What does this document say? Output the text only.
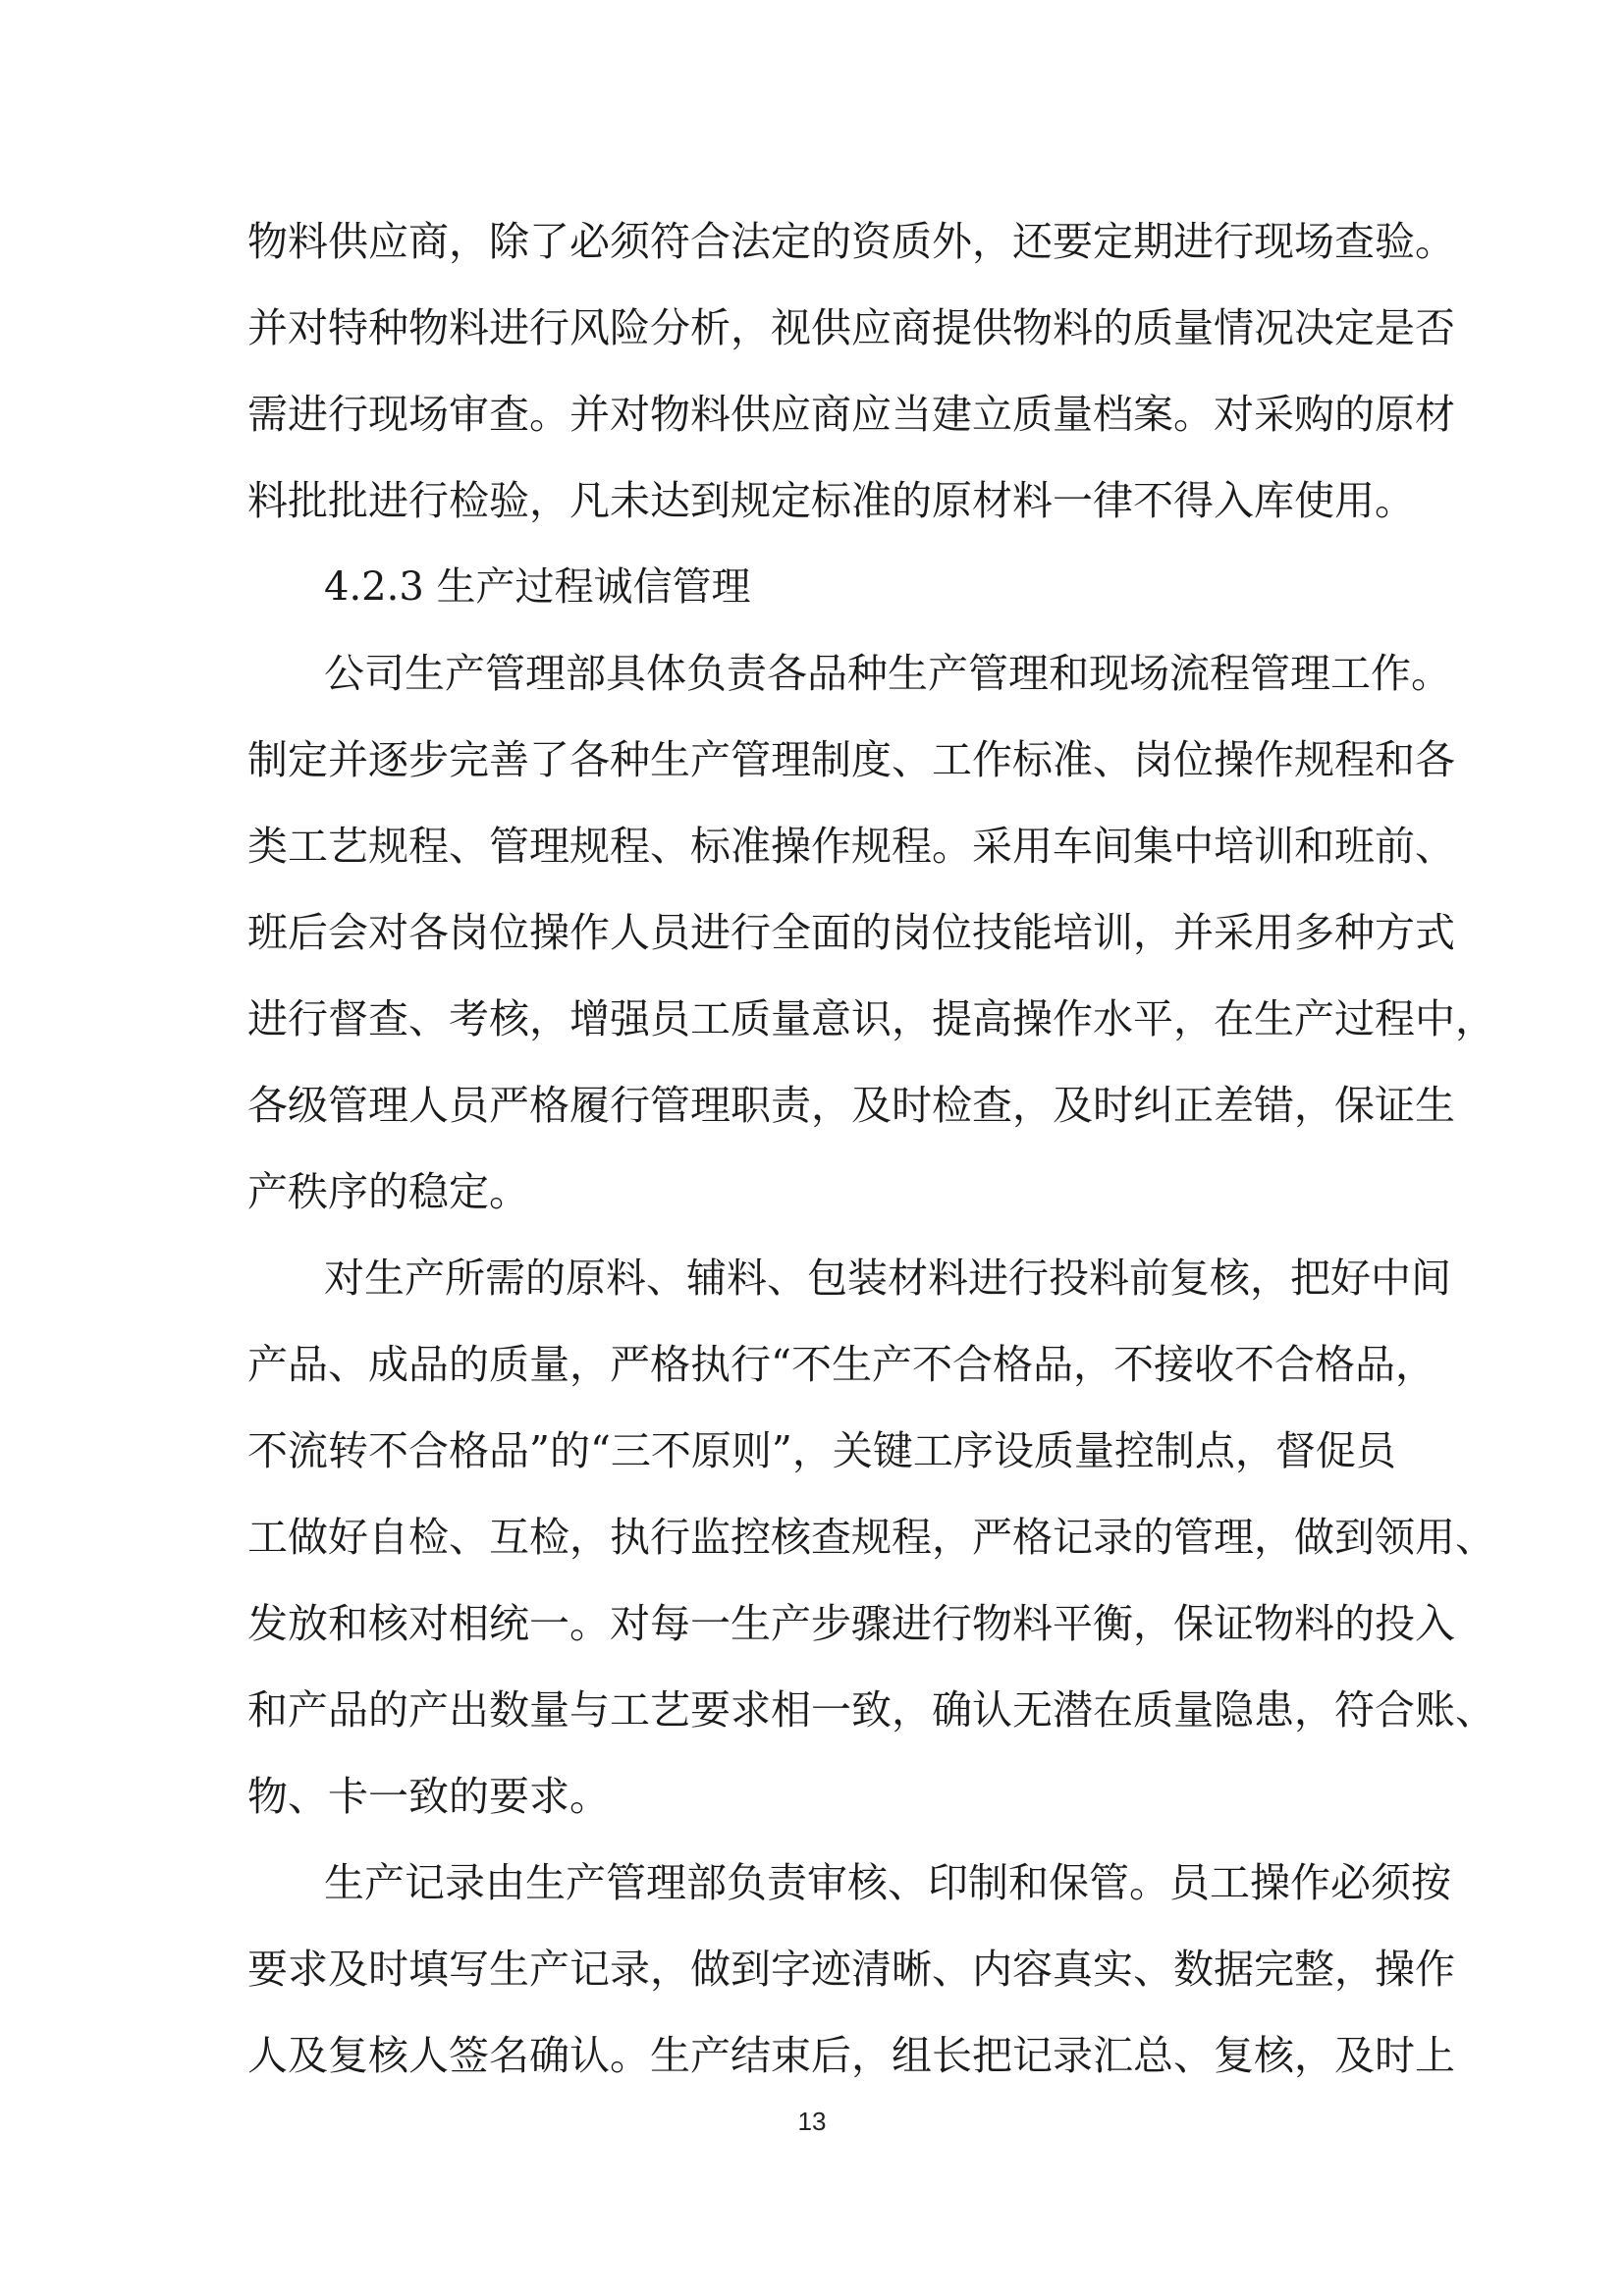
物料供应商，除了必须符合法定的资质外，还要定期进行现场查验。
并对特种物料进行风险分析，视供应商提供物料的质量情况决定是否
需进行现场审查。并对物料供应商应当建立质量档案。对采购的原材
料批批进行检验，凡未达到规定标准的原材料一律不得入库使用。
4.2.3 生产过程诚信管理
公司生产管理部具体负责各品种生产管理和现场流程管理工作。
制定并逐步完善了各种生产管理制度、工作标准、岗位操作规程和各
类工艺规程、管理规程、标准操作规程。采用车间集中培训和班前、
班后会对各岗位操作人员进行全面的岗位技能培训，并采用多种方式
进行督查、考核，增强员工质量意识，提高操作水平，在生产过程中，
各级管理人员严格履行管理职责，及时检查，及时纠正差错，保证生
产秩序的稳定。
对生产所需的原料、辅料、包装材料进行投料前复核，把好中间
产品、成品的质量，严格执行“不生产不合格品，不接收不合格品，
不流转不合格品”的“三不原则”，关键工序设质量控制点，督促员
工做好自检、互检，执行监控核查规程，严格记录的管理，做到领用、
发放和核对相统一。对每一生产步骤进行物料平衡，保证物料的投入
和产品的产出数量与工艺要求相一致，确认无潜在质量隐患，符合账、
物、卡一致的要求。
生产记录由生产管理部负责审核、印制和保管。员工操作必须按
要求及时填写生产记录，做到字迹清晰、内容真实、数据完整，操作
人及复核人签名确认。生产结束后，组长把记录汇总、复核，及时上
13
